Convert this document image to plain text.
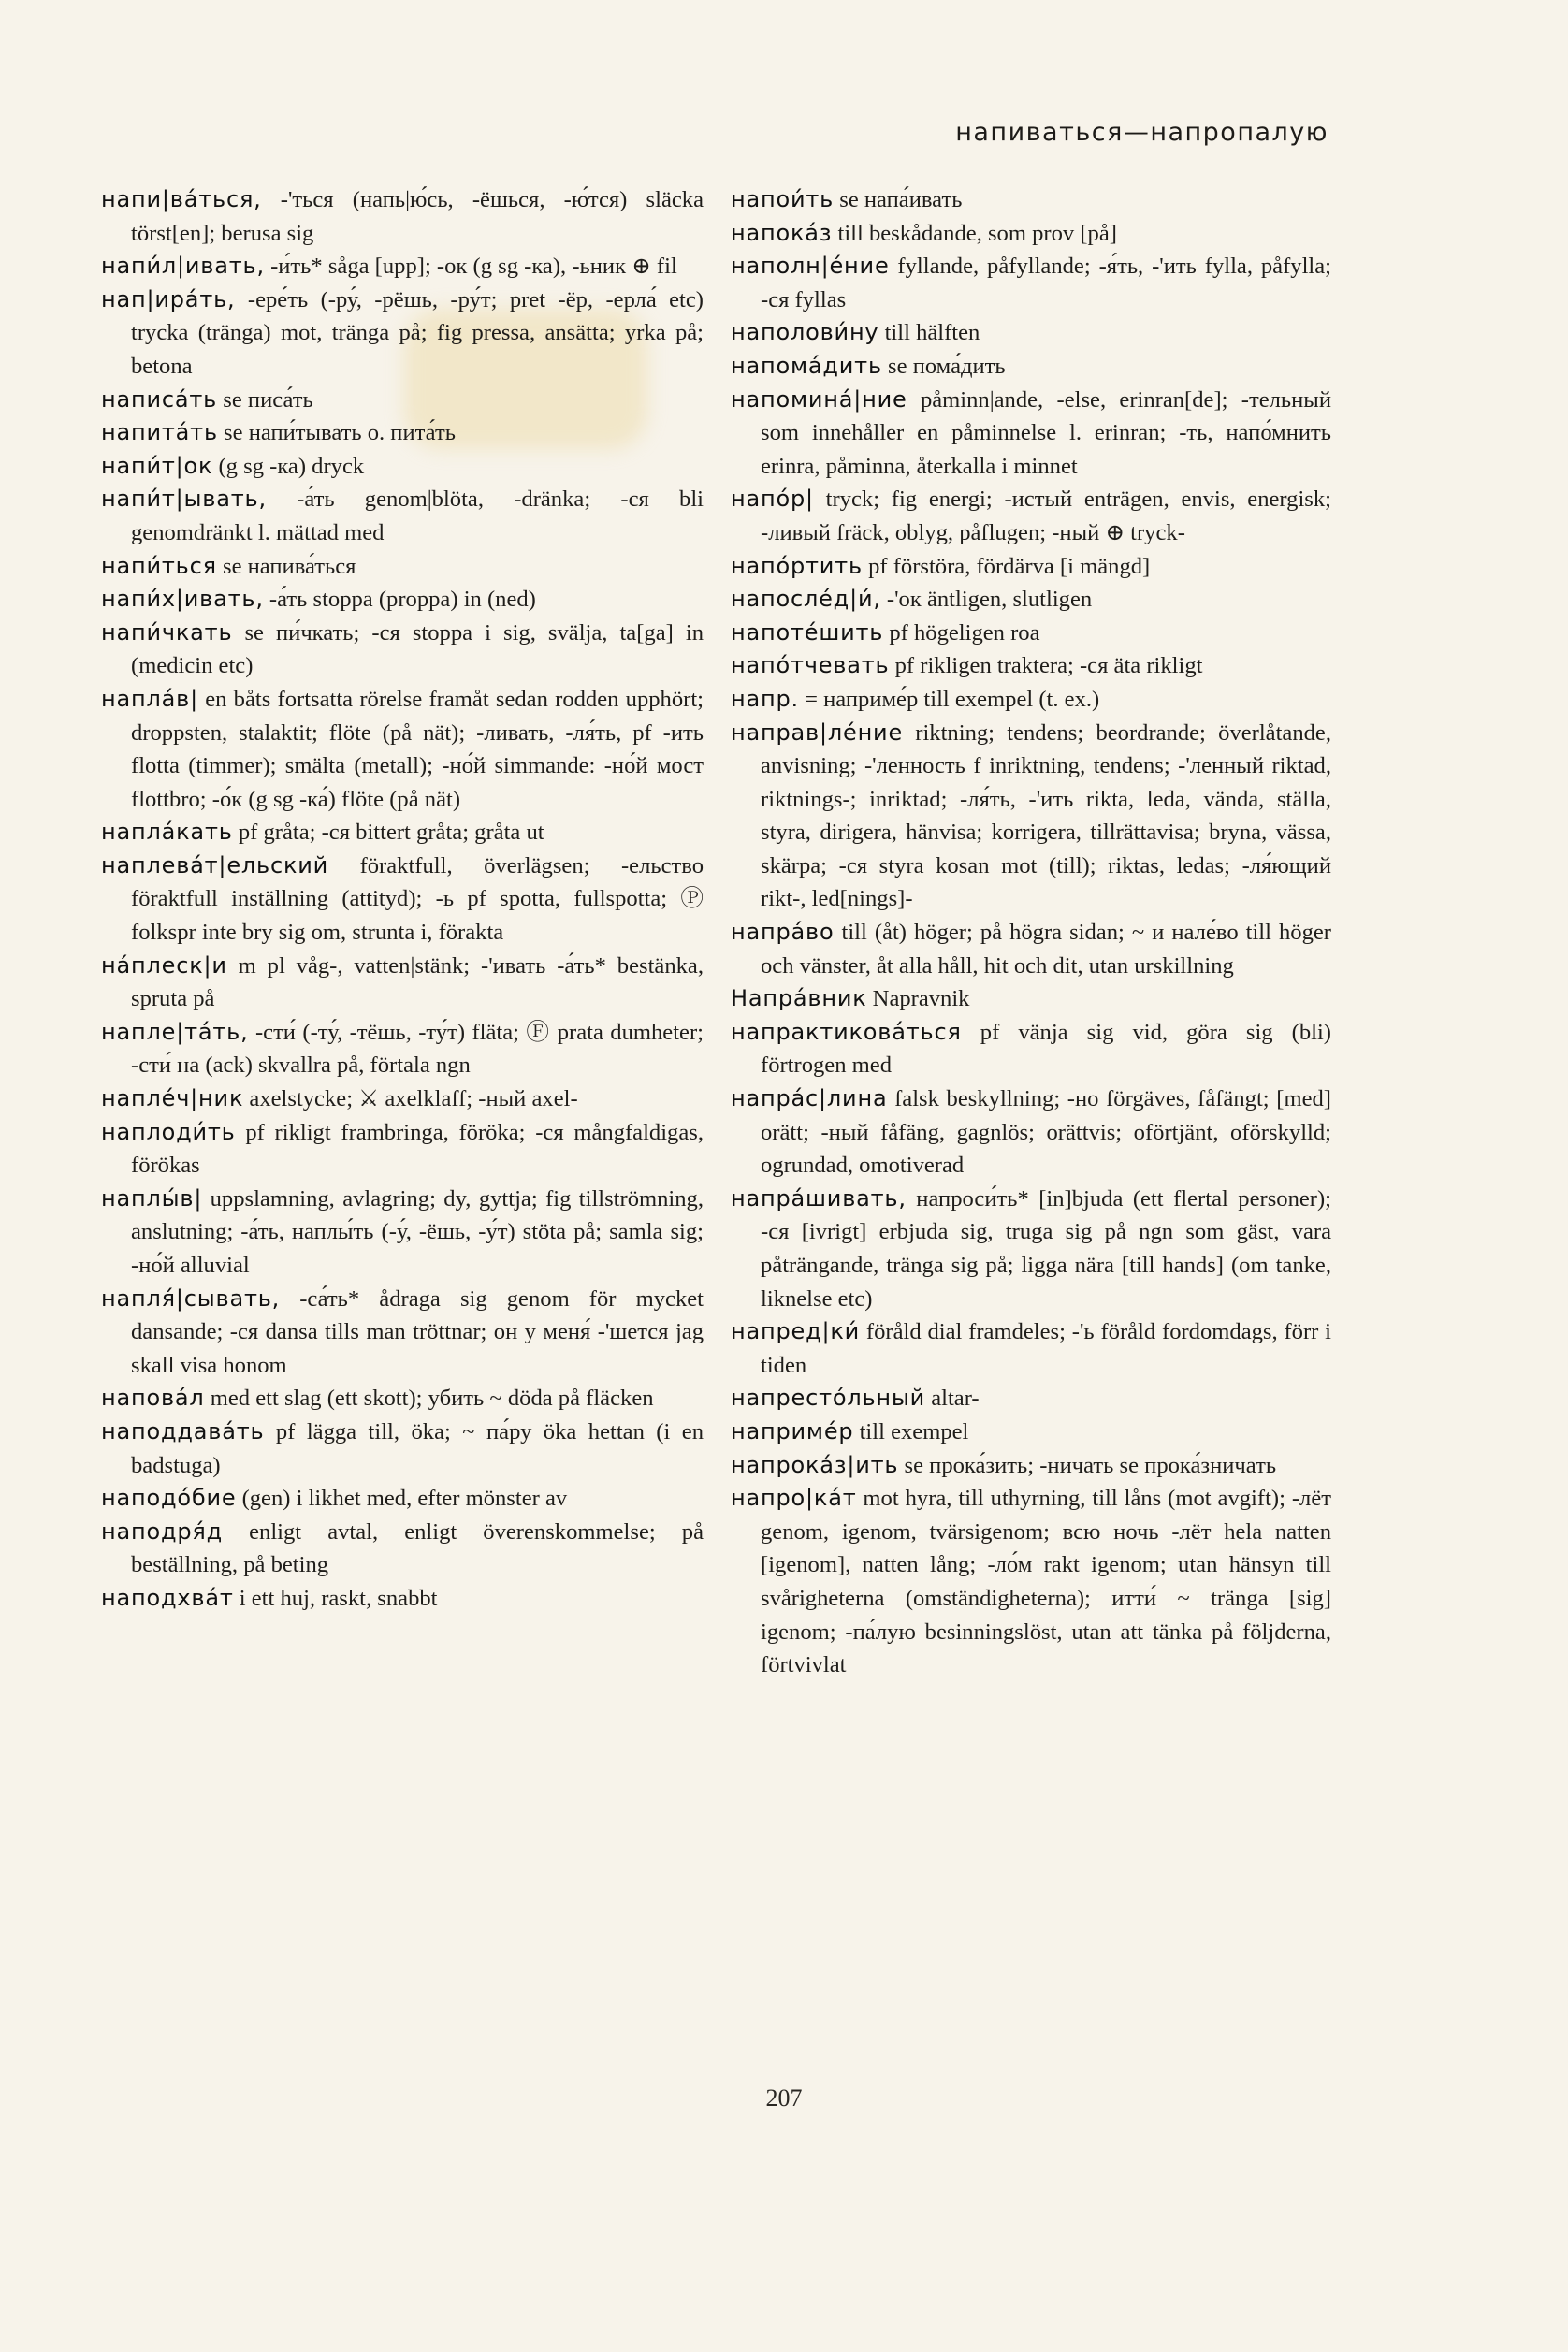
напиваться—напропалую

напи|ва́ться, -'ться (напь|ю́сь, -ёшься, -ю́тся) släcka törst[en]; berusa sig

напи́л|ивать, -и́ть* såga [upp]; -ок (g sg -ка), -ьник ⊕ fil

нап|ира́ть, -ере́ть (-ру́, -рёшь, -ру́т; pret -ёр, -ерла́ etc) trycka (tränga) mot, tränga på; fig pressa, ansätta; yrka på; betona

написа́ть se писа́ть

напита́ть se напи́тывать o. пита́ть

напи́т|ок (g sg -ка) dryck

напи́т|ывать, -а́ть genom|blöta, -dränka; -ся bli genomdränkt l. mättad med

напи́ться se напива́ться

напи́х|ивать, -а́ть stoppa (proppa) in (ned)

напи́чкать se пи́чкать; -ся stoppa i sig, svälja, ta[ga] in (medicin etc)

напла́в| en båts fortsatta rörelse framåt sedan rodden upphört; droppsten, stalaktit; flöte (på nät); -ливать, -ля́ть, pf -ить flotta (timmer); smälta (metall); -но́й simmande: -но́й мост flottbro; -о́к (g sg -ка́) flöte (på nät)

напла́кать pf gråta; -ся bittert gråta; gråta ut

наплева́т|ельский föraktfull, överlägsen; -ельство föraktfull inställning (attityd); -ь pf spotta, fullspotta; Ⓟ folkspr inte bry sig om, strunta i, förakta

на́плеск|и m pl våg-, vatten|stänk; -'ивать -а́ть* bestänka, spruta på

напле|та́ть, -сти́ (-ту́, -тёшь, -ту́т) fläta; Ⓕ prata dumheter; -сти́ на (ack) skvallra på, förtala ngn

напле́ч|ник axelstycke; ⚔ axelklaff; -ный axel-

наплоди́ть pf rikligt frambringa, föröka; -ся mångfaldigas, förökas

наплы́в| uppslamning, avlagring; dy, gyttja; fig tillströmning, anslutning; -а́ть, наплы́ть (-у́, -ёшь, -у́т) stöta på; samla sig; -но́й alluvial

напля́|сывать, -са́ть* ådraga sig genom för mycket dansande; -ся dansa tills man tröttnar; он у меня́ -'шется jag skall visa honom

напова́л med ett slag (ett skott); убить ~ döda på fläcken

наподдава́ть pf lägga till, öka; ~ па́ру öka hettan (i en badstuga)

наподо́бие (gen) i likhet med, efter mönster av

наподря́д enligt avtal, enligt överenskommelse; på beställning, på beting

наподхва́т i ett huj, raskt, snabbt

напои́ть se напа́ивать

напока́з till beskådande, som prov [på]

наполн|е́ние fyllande, påfyllande; -я́ть, -'ить fylla, påfylla; -ся fyllas

наполови́ну till hälften

напома́дить se пома́дить

напомина́|ние påminn|ande, -else, erinran[de]; -тельный som innehåller en påminnelse l. erinran; -ть, напо́мнить erinra, påminna, återkalla i minnet

напо́р| tryck; fig energi; -истый enträgen, envis, energisk; -ливый fräck, oblyg, påflugen; -ный ⊕ tryck-

напо́ртить pf förstöra, fördärva [i mängd]

напосле́д|и́, -'ок äntligen, slutligen

напоте́шить pf högeligen roa

напо́тчевать pf rikligen traktera; -ся äta rikligt

напр. = наприме́р till exempel (t. ex.)

направ|ле́ние riktning; tendens; beordrande; överlåtande, anvisning; -'ленность f inriktning, tendens; -'ленный riktad, riktnings-; inriktad; -ля́ть, -'ить rikta, leda, vända, ställa, styra, dirigera, hänvisa; korrigera, tillrättavisa; bryna, vässa, skärpa; -ся styra kosan mot (till); riktas, ledas; -ля́ющий rikt-, led[nings]-

напра́во till (åt) höger; på högra sidan; ~ и нале́во till höger och vänster, åt alla håll, hit och dit, utan urskillning

Напра́вник Napravnik

напрактикова́ться pf vänja sig vid, göra sig (bli) förtrogen med

напра́с|лина falsk beskyllning; -но förgäves, fåfängt; [med] orätt; -ный fåfäng, gagnlös; orättvis; oförtjänt, oförskylld; ogrundad, omotiverad

напра́шивать, напроси́ть* [in]bjuda (ett flertal personer); -ся [ivrigt] erbjuda sig, truga sig på ngn som gäst, vara påträngande, tränga sig på; ligga nära [till hands] (om tanke, liknelse etc)

напред|ки́ föråld dial framdeles; -'ь föråld fordomdags, förr i tiden

напресто́льный altar-

наприме́р till exempel

напрока́з|ить se прока́зить; -ничать se прока́зничать

напро|ка́т mot hyra, till uthyrning, till låns (mot avgift); -лёт genom, igenom, tvärsigenom; всю ночь -лёт hela natten [igenom], natten lång; -ло́м rakt igenom; utan hänsyn till svårigheterna (omständigheterna); итти́ ~ tränga [sig] igenom; -па́лую besinningslöst, utan att tänka på följderna, förtvivlat

207
